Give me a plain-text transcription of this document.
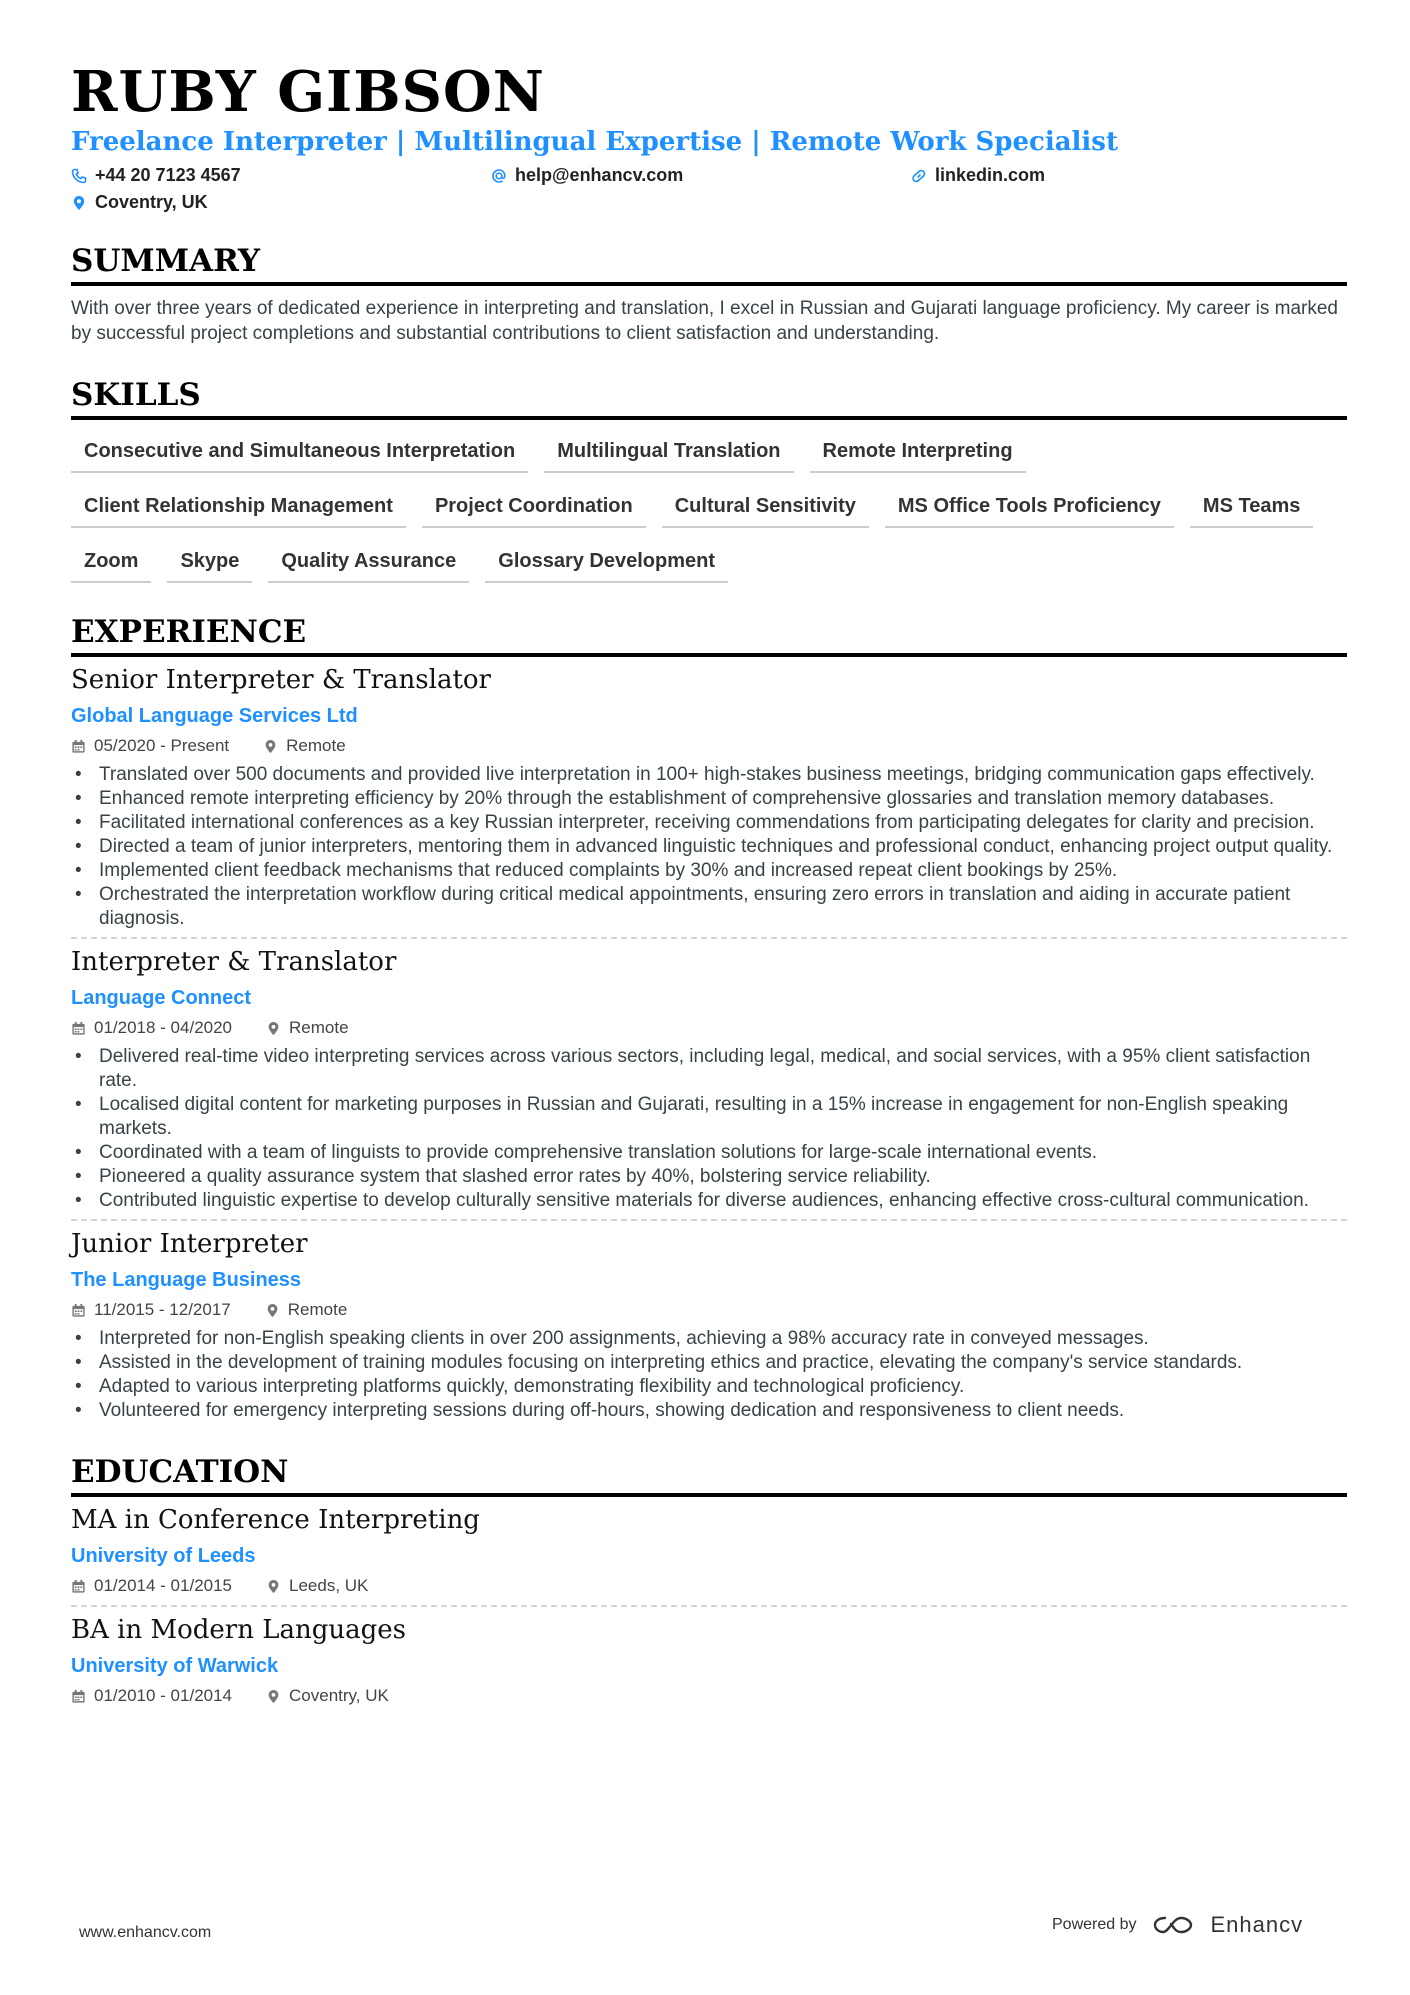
RUBY GIBSON
Freelance Interpreter | Multilingual Expertise | Remote Work Specialist
+44 20 7123 4567	help@enhancv.com	linkedin.com
Coventry, UK
SUMMARY

With over three years of dedicated experience in interpreting and translation, I excel in Russian and Gujarati language proficiency. My career is marked by successful project completions and substantial contributions to client satisfaction and understanding.

SKILLS
Consecutive and Simultaneous Interpretation	Multilingual Translation	Remote Interpreting
Client Relationship Management	Project Coordination	Cultural Sensitivity	MS Office Tools Proficiency	MS Teams
Zoom	Skype	Quality Assurance	Glossary Development
EXPERIENCE
Senior Interpreter & Translator
Global Language Services Ltd
05/2020 - Present	Remote
• Translated over 500 documents and provided live interpretation in 100+ high-stakes business meetings, bridging communication gaps effectively.
• Enhanced remote interpreting efficiency by 20% through the establishment of comprehensive glossaries and translation memory databases.
• Facilitated international conferences as a key Russian interpreter, receiving commendations from participating delegates for clarity and precision.
• Directed a team of junior interpreters, mentoring them in advanced linguistic techniques and professional conduct, enhancing project output quality.
• Implemented client feedback mechanisms that reduced complaints by 30% and increased repeat client bookings by 25%.
• Orchestrated the interpretation workflow during critical medical appointments, ensuring zero errors in translation and aiding in accurate patient diagnosis.
Interpreter & Translator
Language Connect
01/2018 - 04/2020	Remote
• Delivered real-time video interpreting services across various sectors, including legal, medical, and social services, with a 95% client satisfaction rate.
• Localised digital content for marketing purposes in Russian and Gujarati, resulting in a 15% increase in engagement for non-English speaking markets.
• Coordinated with a team of linguists to provide comprehensive translation solutions for large-scale international events.
• Pioneered a quality assurance system that slashed error rates by 40%, bolstering service reliability.
• Contributed linguistic expertise to develop culturally sensitive materials for diverse audiences, enhancing effective cross-cultural communication.
Junior Interpreter
The Language Business
11/2015 - 12/2017	Remote
• Interpreted for non-English speaking clients in over 200 assignments, achieving a 98% accuracy rate in conveyed messages.
• Assisted in the development of training modules focusing on interpreting ethics and practice, elevating the company's service standards.
• Adapted to various interpreting platforms quickly, demonstrating flexibility and technological proficiency.
• Volunteered for emergency interpreting sessions during off-hours, showing dedication and responsiveness to client needs.
EDUCATION
MA in Conference Interpreting
University of Leeds
01/2014 - 01/2015	Leeds, UK
BA in Modern Languages
University of Warwick
01/2010 - 01/2014	Coventry, UK
www.enhancv.com	Powered by	Enhancv
